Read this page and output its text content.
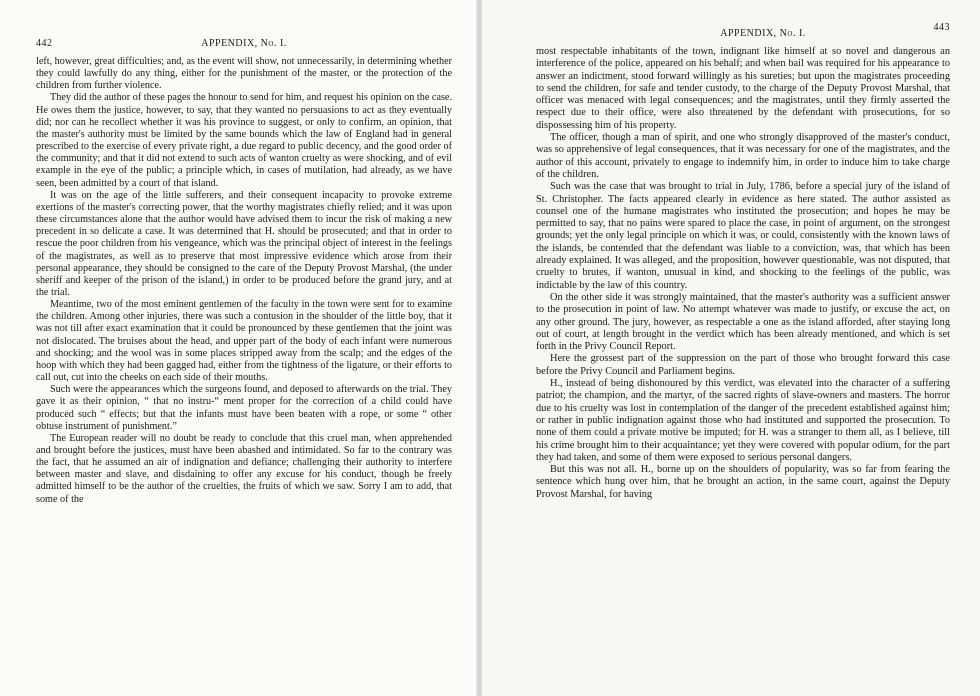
442	APPENDIX, No. I.

left, however, great difficulties; and, as the event will show, not unnecessarily, in determining whether they could lawfully do any thing, either for the punishment of the master, or the protection of the children from further violence.

They did the author of these pages the honour to send for him, and request his opinion on the case. He owes them the justice, however, to say, that they wanted no persuasions to act as they eventually did; nor can he recollect whether it was his province to suggest, or only to confirm, an opinion, that the master's authority must be limited by the same bounds which the law of England had in general prescribed to the exercise of every private right, a due regard to public decency, and the good order of the community; and that it did not extend to such acts of wanton cruelty as were shocking, and of evil example in the eye of the public; a principle which, in cases of mutilation, had already, as we have seen, been admitted by a court of that island.

It was on the age of the little sufferers, and their consequent incapacity to provoke extreme exertions of the master's correcting power, that the worthy magistrates chiefly relied; and it was upon these circumstances alone that the author would have advised them to incur the risk of making a new precedent in so delicate a case. It was determined that H. should be prosecuted; and that in order to rescue the poor children from his vengeance, which was the principal object of interest in the feelings of the magistrates, as well as to preserve that most impressive evidence which arose from their personal appearance, they should be consigned to the care of the Deputy Provost Marshal, (the under sheriff and keeper of the prison of the island,) in order to be produced before the grand jury, and at the trial.

Meantime, two of the most eminent gentlemen of the faculty in the town were sent for to examine the children. Among other injuries, there was such a contusion in the shoulder of the little boy, that it was not till after exact examination that it could be pronounced by these gentlemen that the joint was not dislocated. The bruises about the head, and upper part of the body of each infant were numerous and shocking; and the wool was in some places stripped away from the scalp; and the edges of the hoop with which they had been gagged had, either from the tightness of the ligature, or their efforts to call out, cut into the cheeks on each side of their mouths.

Such were the appearances which the surgeons found, and deposed to afterwards on the trial. They gave it as their opinion, “ that no instru-“ ment proper for the correction of a child could have produced such “ effects; but that the infants must have been beaten with a rope, or some “ other obtuse instrument of punishment.”

The European reader will no doubt be ready to conclude that this cruel man, when apprehended and brought before the justices, must have been abashed and intimidated. So far to the contrary was the fact, that he assumed an air of indignation and defiance; challenging their authority to interfere between master and slave, and disdaining to offer any excuse for his conduct, though he freely admitted himself to be the author of the cruelties, the fruits of which we saw. Sorry I am to add, that some of the

APPENDIX, No. I.
443

most respectable inhabitants of the town, indignant like himself at so novel and dangerous an interference of the police, appeared on his behalf; and when bail was required for his appearance to answer an indictment, stood forward willingly as his sureties; but upon the magistrates proceeding to send the children, for safe and tender custody, to the charge of the Deputy Provost Marshal, that officer was menaced with legal consequences; and the magistrates, until they firmly asserted the respect due to their office, were also threatened by the defendant with prosecutions, for so dispossessing him of his property.

The officer, though a man of spirit, and one who strongly disapproved of the master's conduct, was so apprehensive of legal consequences, that it was necessary for one of the magistrates, and the author of this account, privately to engage to indemnify him, in order to induce him to take charge of the children.

Such was the case that was brought to trial in July, 1786, before a special jury of the island of St. Christopher. The facts appeared clearly in evidence as here stated. The author assisted as counsel one of the humane magistrates who instituted the prosecution; and hopes he may be permitted to say, that no pains were spared to place the case, in point of argument, on the strongest grounds; yet the only legal principle on which it was, or could, consistently with the known laws of the islands, be contended that the defendant was liable to a conviction, was, that which has been already explained. It was alleged, and the proposition, however questionable, was not disputed, that cruelty to brutes, if wanton, unusual in kind, and shocking to the feelings of the public, was indictable by the law of this country.

On the other side it was strongly maintained, that the master's authority was a sufficient answer to the prosecution in point of law. No attempt whatever was made to justify, or excuse the act, on any other ground. The jury, however, as respectable a one as the island afforded, after staying long out of court, at length brought in the verdict which has been already mentioned, and which is set forth in the Privy Council Report.

Here the grossest part of the suppression on the part of those who brought forward this case before the Privy Council and Parliament begins.

H., instead of being dishonoured by this verdict, was elevated into the character of a suffering patriot; the champion, and the martyr, of the sacred rights of slave-owners and masters. The horror due to his cruelty was lost in contemplation of the danger of the precedent established against him; or rather in public indignation against those who had instituted and supported the prosecution. To none of them could a private motive be imputed; for H. was a stranger to them all, as I believe, till his crime brought him to their acquaintance; yet they were covered with popular odium, for the part they had taken, and some of them were exposed to serious personal dangers.

But this was not all. H., borne up on the shoulders of popularity, was so far from fearing the sentence which hung over him, that he brought an action, in the same court, against the Deputy Provost Marshal, for having
